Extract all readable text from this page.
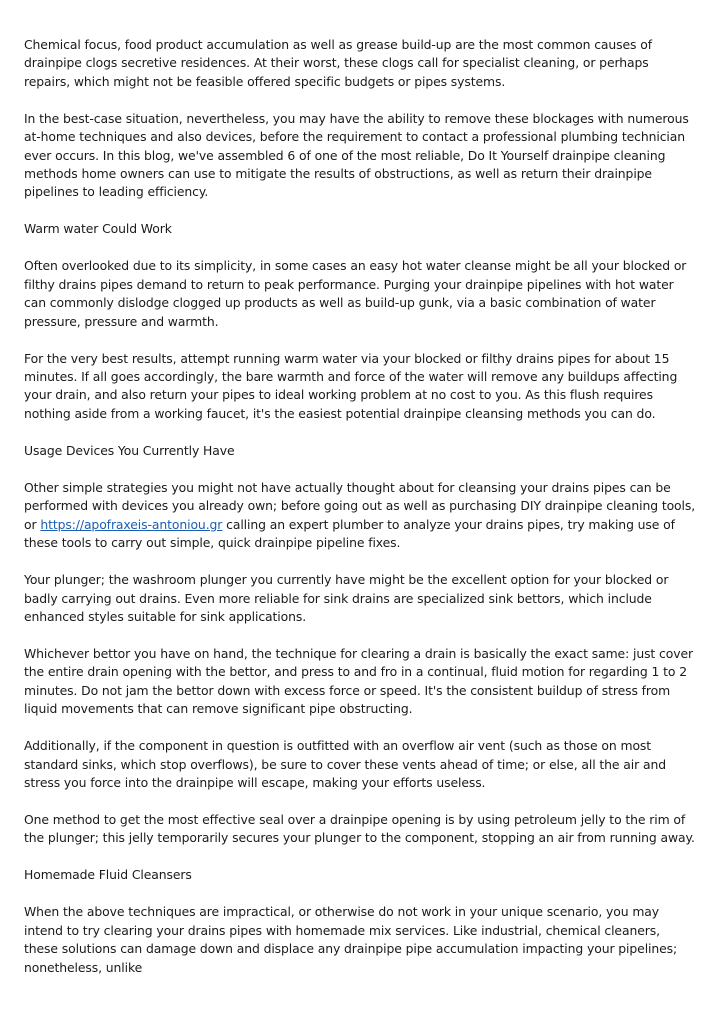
Chemical focus, food product accumulation as well as grease build-up are the most common causes of drainpipe clogs secretive residences. At their worst, these clogs call for specialist cleaning, or perhaps repairs, which might not be feasible offered specific budgets or pipes systems.

In the best-case situation, nevertheless, you may have the ability to remove these blockages with numerous at-home techniques and also devices, before the requirement to contact a professional plumbing technician ever occurs. In this blog, we've assembled 6 of one of the most reliable, Do It Yourself drainpipe cleaning methods home owners can use to mitigate the results of obstructions, as well as return their drainpipe pipelines to leading efficiency.

Warm water Could Work

Often overlooked due to its simplicity, in some cases an easy hot water cleanse might be all your blocked or filthy drains pipes demand to return to peak performance. Purging your drainpipe pipelines with hot water can commonly dislodge clogged up products as well as build-up gunk, via a basic combination of water pressure, pressure and warmth.

For the very best results, attempt running warm water via your blocked or filthy drains pipes for about 15 minutes. If all goes accordingly, the bare warmth and force of the water will remove any buildups affecting your drain, and also return your pipes to ideal working problem at no cost to you. As this flush requires nothing aside from a working faucet, it's the easiest potential drainpipe cleansing methods you can do.

Usage Devices You Currently Have

Other simple strategies you might not have actually thought about for cleansing your drains pipes can be performed with devices you already own; before going out as well as purchasing DIY drainpipe cleaning tools, or https://apofraxeis-antoniou.gr calling an expert plumber to analyze your drains pipes, try making use of these tools to carry out simple, quick drainpipe pipeline fixes.

Your plunger; the washroom plunger you currently have might be the excellent option for your blocked or badly carrying out drains. Even more reliable for sink drains are specialized sink bettors, which include enhanced styles suitable for sink applications.

Whichever bettor you have on hand, the technique for clearing a drain is basically the exact same: just cover the entire drain opening with the bettor, and press to and fro in a continual, fluid motion for regarding 1 to 2 minutes. Do not jam the bettor down with excess force or speed. It's the consistent buildup of stress from liquid movements that can remove significant pipe obstructing.

Additionally, if the component in question is outfitted with an overflow air vent (such as those on most standard sinks, which stop overflows), be sure to cover these vents ahead of time; or else, all the air and stress you force into the drainpipe will escape, making your efforts useless.

One method to get the most effective seal over a drainpipe opening is by using petroleum jelly to the rim of the plunger; this jelly temporarily secures your plunger to the component, stopping an air from running away.

Homemade Fluid Cleansers

When the above techniques are impractical, or otherwise do not work in your unique scenario, you may intend to try clearing your drains pipes with homemade mix services. Like industrial, chemical cleaners, these solutions can damage down and displace any drainpipe pipe accumulation impacting your pipelines; nonetheless, unlike
